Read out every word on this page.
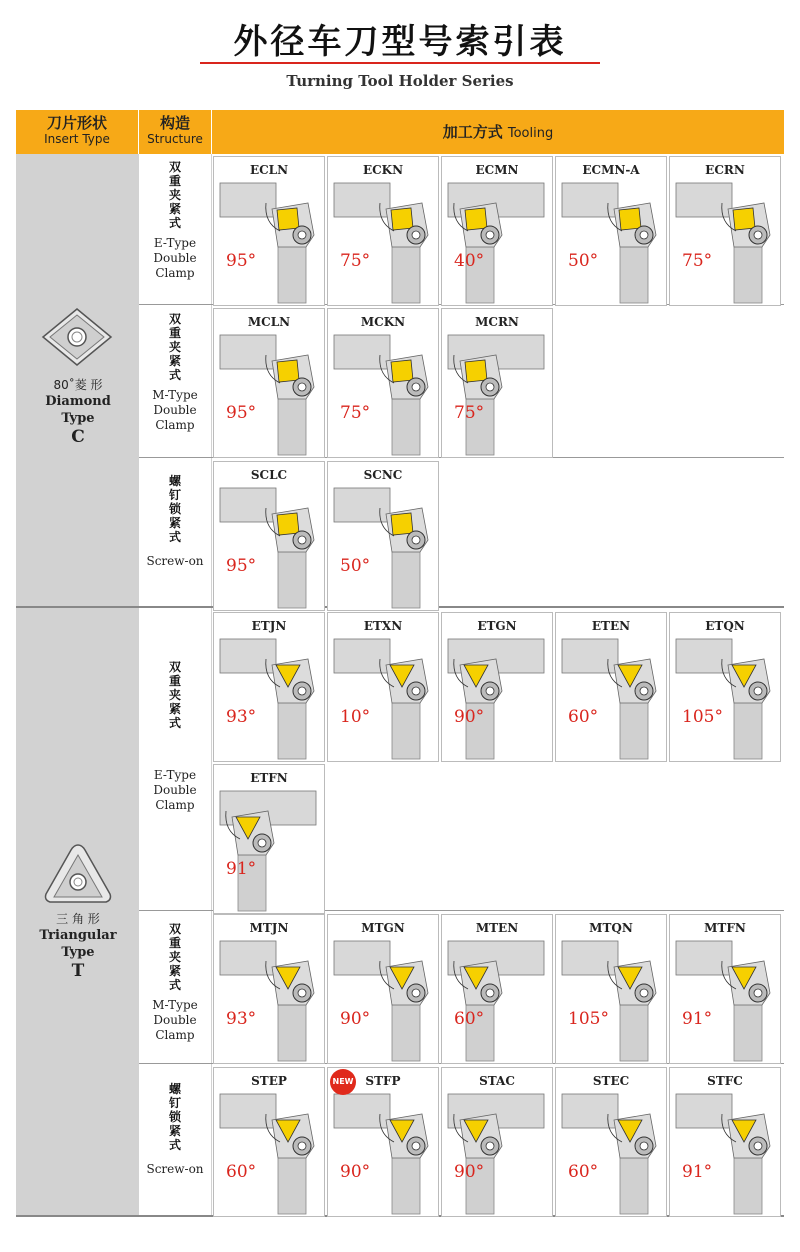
外径车刀型号索引表
Turning Tool Holder Series
刀片形状
Insert Type
构造
Structure	加工方式 Tooling
80˚菱 形
Diamond
Type
C
三 角 形
Triangular
Type
T
双重夹紧式
E-Type
Double
Clamp
双重夹紧式
M-Type
Double
Clamp
螺钉锁紧式
Screw-on
双重夹紧式
E-Type
Double
Clamp
双重夹紧式
M-Type
Double
Clamp
螺钉锁紧式
Screw-on
ECLN
95°
ECKN
75°
ECMN
40°
ECMN-A
50°
ECRN
75°
MCLN
95°
MCKN
75°
MCRN
75°
SCLC
95°
SCNC
50°
ETJN
93°
ETXN
10°
ETGN
90°
ETEN
60°
ETQN
105°
ETFN
91°
MTJN
93°
MTGN
90°
MTEN
60°
MTQN
105°
MTFN
91°
STEP
60°
STFP
90°
NEW	STAC
90°
STEC
60°
STFC
91°
